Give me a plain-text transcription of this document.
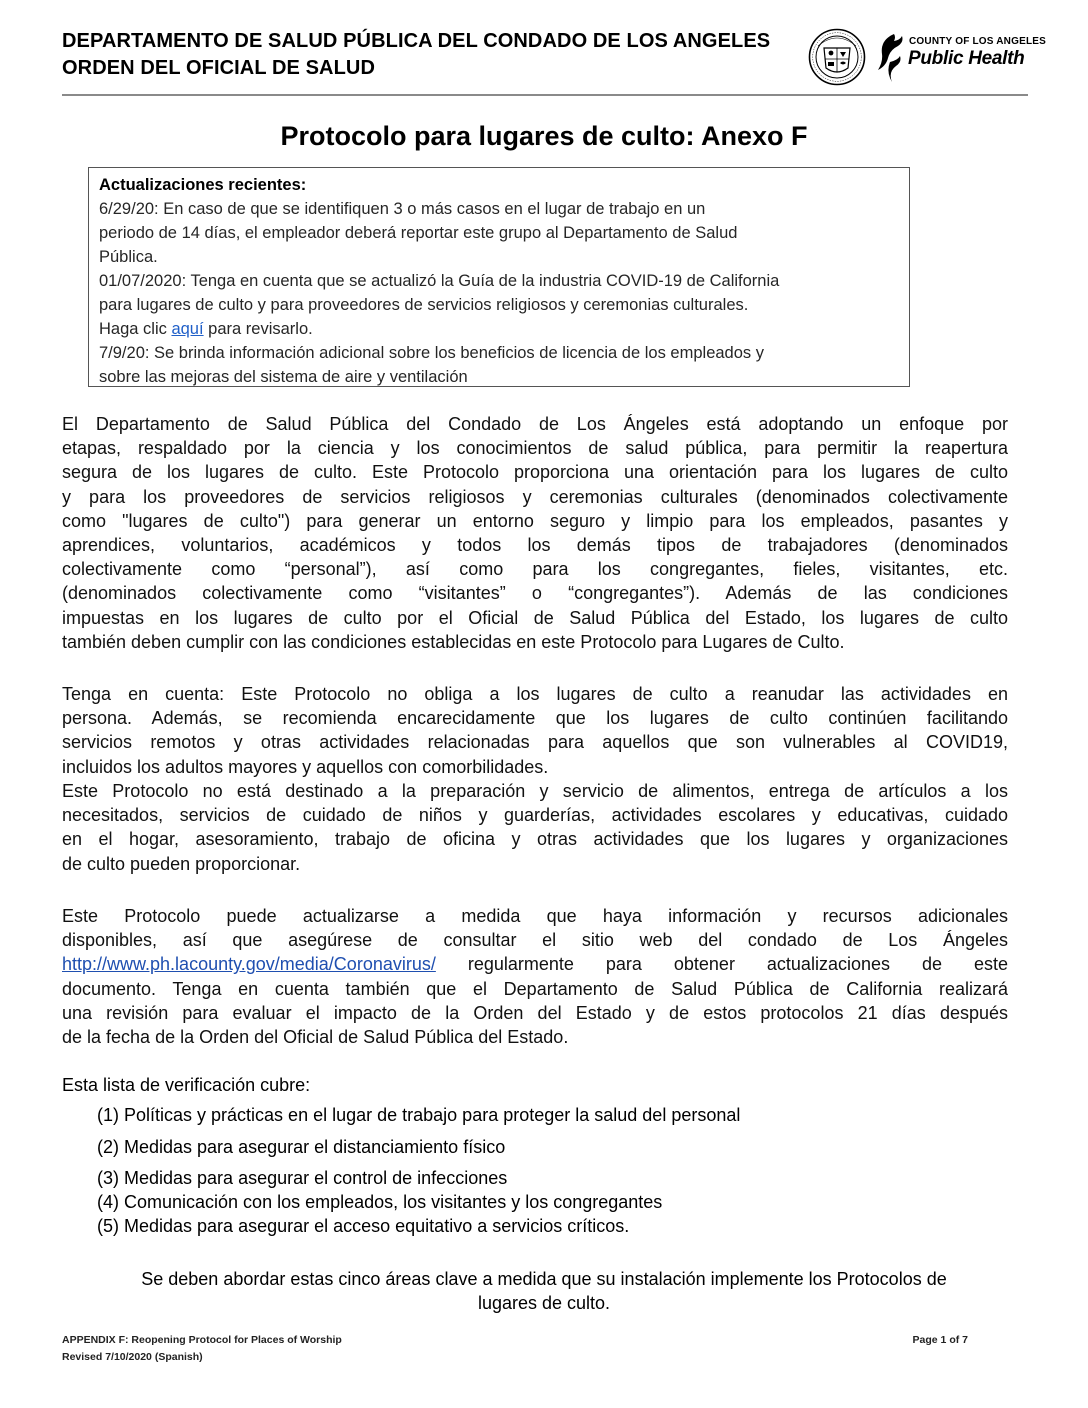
DEPARTAMENTO DE SALUD PÚBLICA DEL CONDADO DE LOS ANGELES
ORDEN DEL OFICIAL DE SALUD
COUNTY OF LOS ANGELES
Public Health
Protocolo para lugares de culto: Anexo F
Actualizaciones recientes:
6/29/20: En caso de que se identifiquen 3 o más casos en el lugar de trabajo en un
periodo de 14 días, el empleador deberá reportar este grupo al Departamento de Salud
Pública.
01/07/2020: Tenga en cuenta que se actualizó la Guía de la industria COVID-19 de California
para lugares de culto y para proveedores de servicios religiosos y ceremonias culturales.
Haga clic aquí para revisarlo.
7/9/20: Se brinda información adicional sobre los beneficios de licencia de los empleados y
sobre las mejoras del sistema de aire y ventilación
El Departamento de Salud Pública del Condado de Los Ángeles está adoptando un enfoque por
etapas, respaldado por la ciencia y los conocimientos de salud pública, para permitir la reapertura
segura de los lugares de culto. Este Protocolo proporciona una orientación para los lugares de culto
y para los proveedores de servicios religiosos y ceremonias culturales (denominados colectivamente
como "lugares de culto") para generar un entorno seguro y limpio para los empleados, pasantes y
aprendices, voluntarios, académicos y todos los demás tipos de trabajadores (denominados
colectivamente como “personal”), así como para los congregantes, fieles, visitantes, etc.
(denominados colectivamente como “visitantes” o “congregantes”). Además de las condiciones
impuestas en los lugares de culto por el Oficial de Salud Pública del Estado, los lugares de culto
también deben cumplir con las condiciones establecidas en este Protocolo para Lugares de Culto.
Tenga en cuenta: Este Protocolo no obliga a los lugares de culto a reanudar las actividades en
persona. Además, se recomienda encarecidamente que los lugares de culto continúen facilitando
servicios remotos y otras actividades relacionadas para aquellos que son vulnerables al COVID19,
incluidos los adultos mayores y aquellos con comorbilidades.
Este Protocolo no está destinado a la preparación y servicio de alimentos, entrega de artículos a los
necesitados, servicios de cuidado de niños y guarderías, actividades escolares y educativas, cuidado
en el hogar, asesoramiento, trabajo de oficina y otras actividades que los lugares y organizaciones
de culto pueden proporcionar.
Este Protocolo puede actualizarse a medida que haya información y recursos adicionales
disponibles, así que asegúrese de consultar el sitio web del condado de Los Ángeles
http://www.ph.lacounty.gov/media/Coronavirus/ regularmente para obtener actualizaciones de este
documento. Tenga en cuenta también que el Departamento de Salud Pública de California realizará
una revisión para evaluar el impacto de la Orden del Estado y de estos protocolos 21 días después
de la fecha de la Orden del Oficial de Salud Pública del Estado.
Esta lista de verificación cubre:
(1) Políticas y prácticas en el lugar de trabajo para proteger la salud del personal
(2) Medidas para asegurar el distanciamiento físico
(3) Medidas para asegurar el control de infecciones
(4) Comunicación con los empleados, los visitantes y los congregantes
(5) Medidas para asegurar el acceso equitativo a servicios críticos.
Se deben abordar estas cinco áreas clave a medida que su instalación implemente los Protocolos de
lugares de culto.
APPENDIX F: Reopening Protocol for Places of Worship
Revised 7/10/2020 (Spanish)
Page 1 of 7
